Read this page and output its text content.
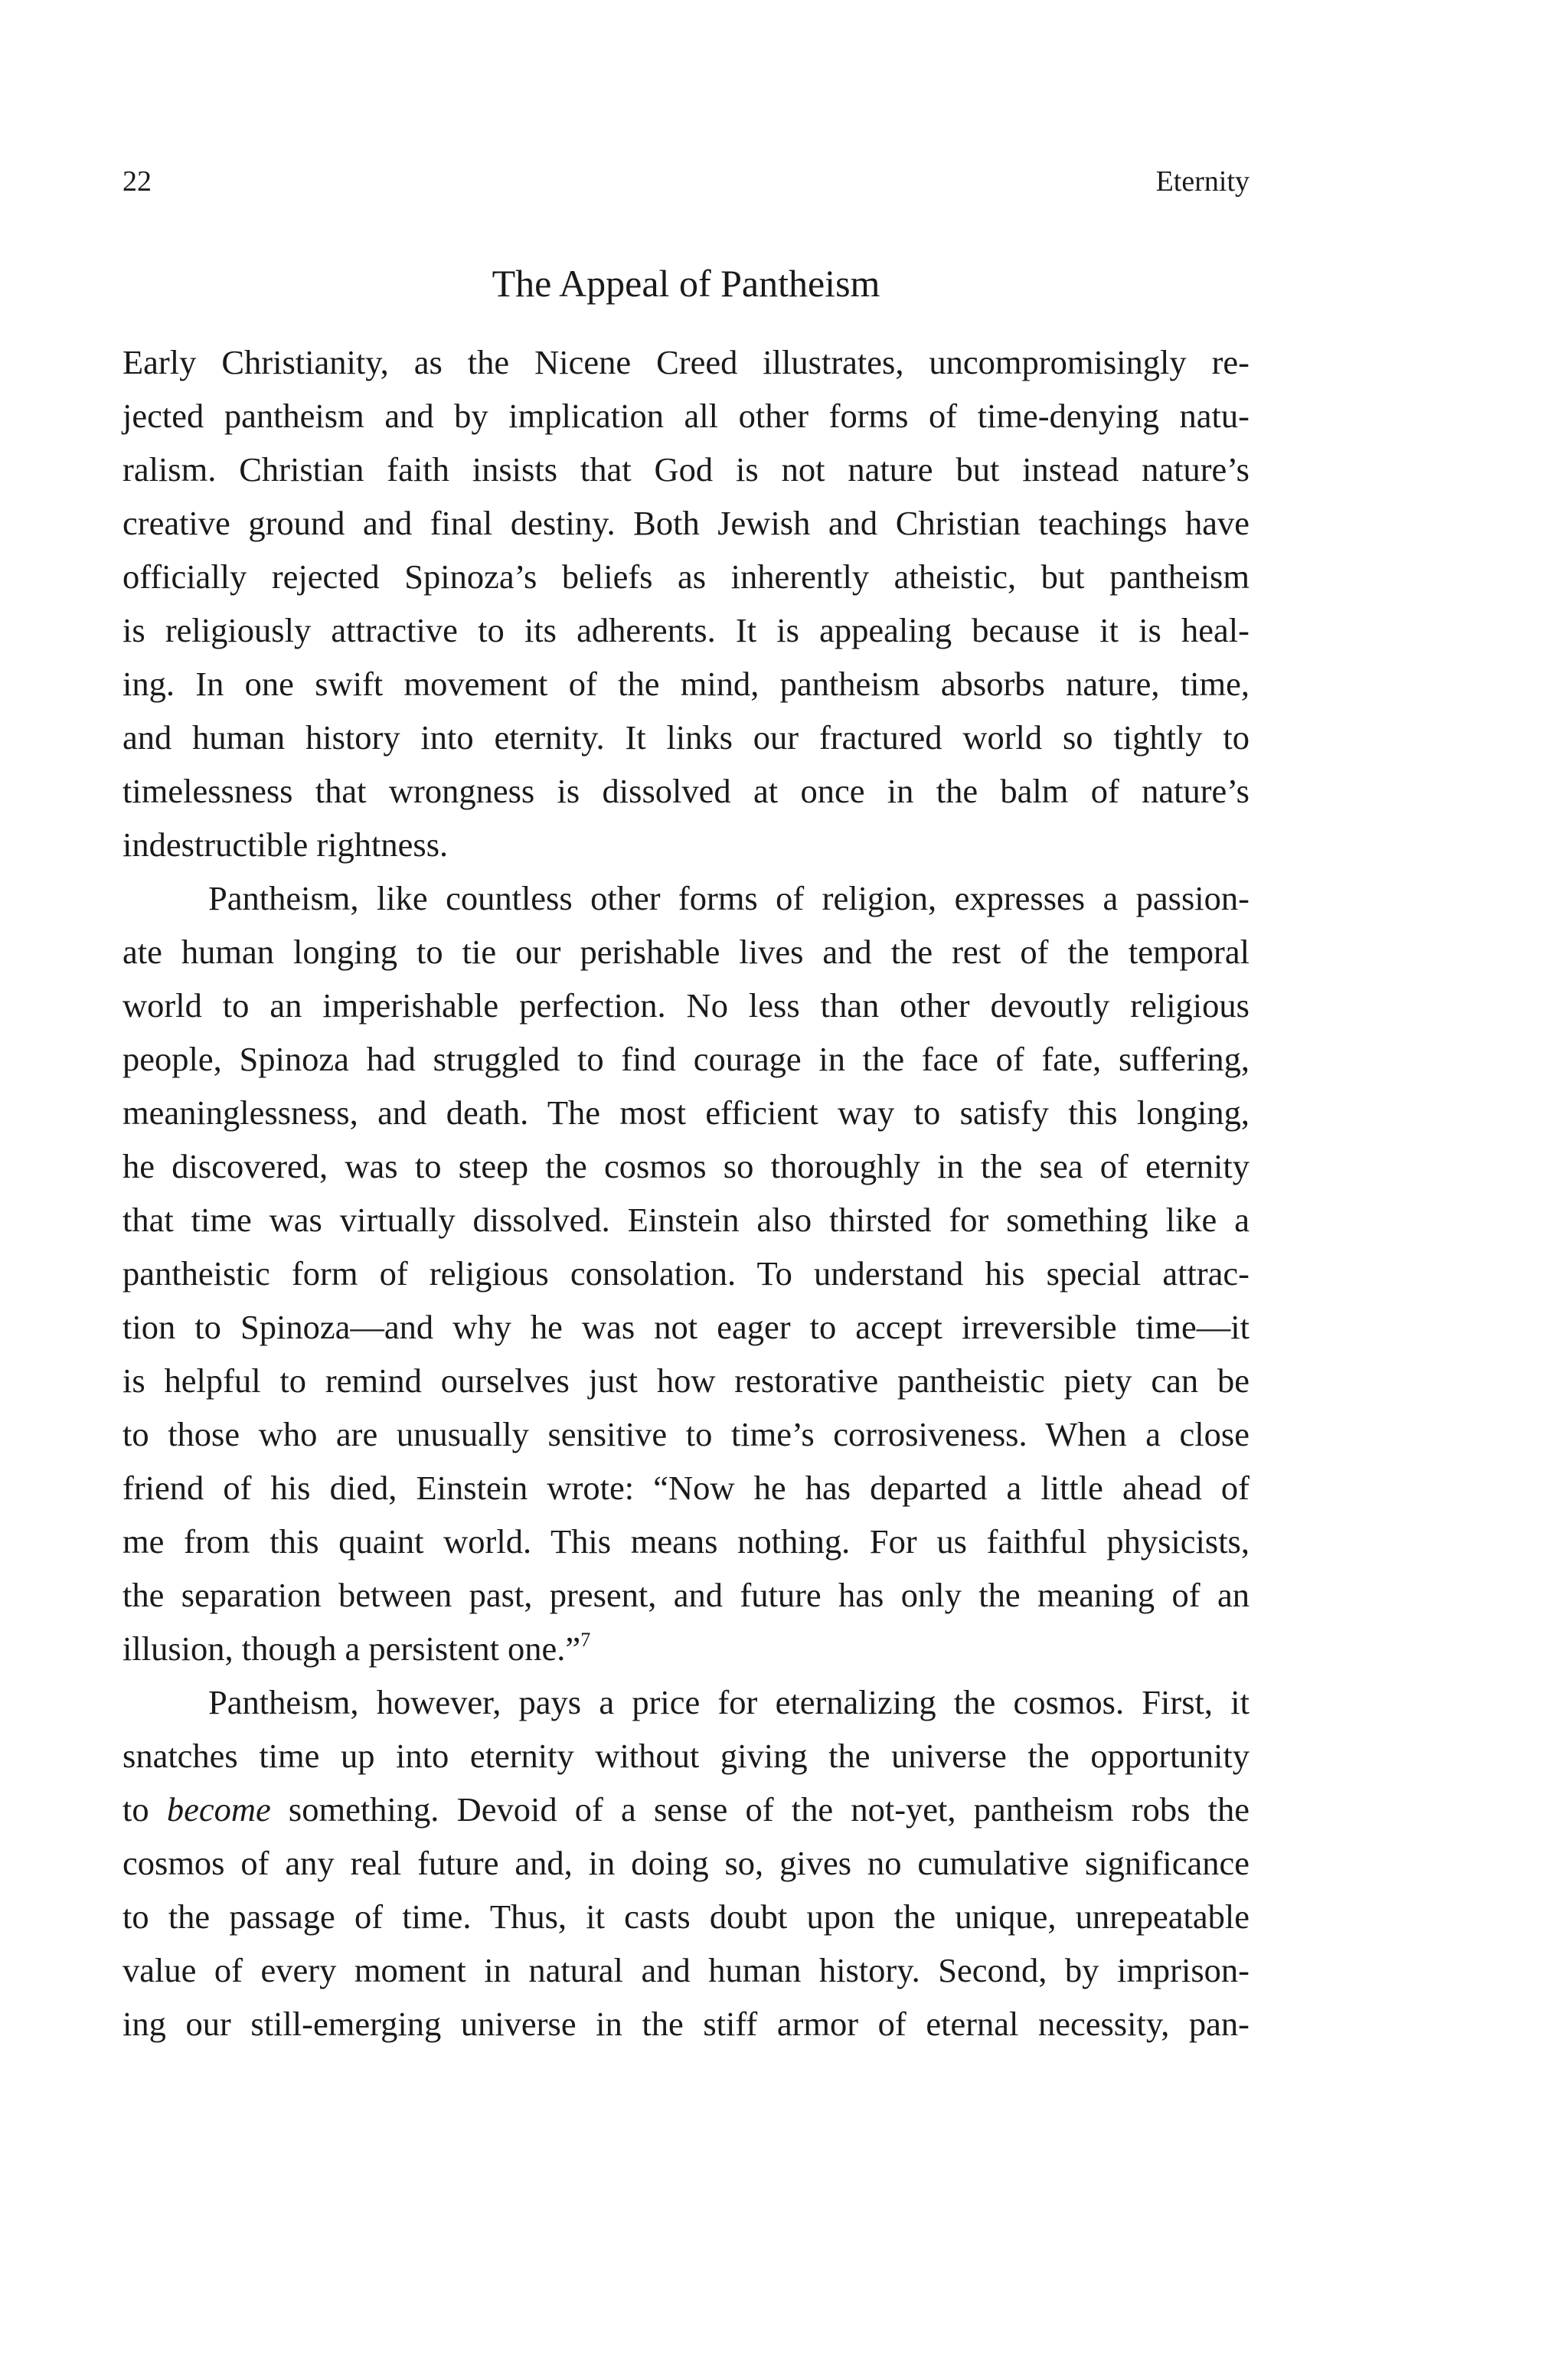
22	Eternity
The Appeal of Pantheism
Early Christianity, as the Nicene Creed illustrates, uncompromisingly re-
jected pantheism and by implication all other forms of time-denying natu-
ralism. Christian faith insists that God is not nature but instead nature’s
creative ground and final destiny. Both Jewish and Christian teachings have
officially rejected Spinoza’s beliefs as inherently atheistic, but pantheism
is religiously attractive to its adherents. It is appealing because it is heal-
ing. In one swift movement of the mind, pantheism absorbs nature, time,
and human history into eternity. It links our fractured world so tightly to
timelessness that wrongness is dissolved at once in the balm of nature’s
indestructible rightness.
Pantheism, like countless other forms of religion, expresses a passion-
ate human longing to tie our perishable lives and the rest of the temporal
world to an imperishable perfection. No less than other devoutly religious
people, Spinoza had struggled to find courage in the face of fate, suffering,
meaninglessness, and death. The most efficient way to satisfy this longing,
he discovered, was to steep the cosmos so thoroughly in the sea of eternity
that time was virtually dissolved. Einstein also thirsted for something like a
pantheistic form of religious consolation. To understand his special attrac-
tion to Spinoza—and why he was not eager to accept irreversible time—it
is helpful to remind ourselves just how restorative pantheistic piety can be
to those who are unusually sensitive to time’s corrosiveness. When a close
friend of his died, Einstein wrote: “Now he has departed a little ahead of
me from this quaint world. This means nothing. For us faithful physicists,
the separation between past, present, and future has only the meaning of an
illusion, though a persistent one.”$^7$
Pantheism, however, pays a price for eternalizing the cosmos. First, it
snatches time up into eternity without giving the universe the opportunity
to become something. Devoid of a sense of the not-yet, pantheism robs the
cosmos of any real future and, in doing so, gives no cumulative significance
to the passage of time. Thus, it casts doubt upon the unique, unrepeatable
value of every moment in natural and human history. Second, by imprison-
ing our still-emerging universe in the stiff armor of eternal necessity, pan-
